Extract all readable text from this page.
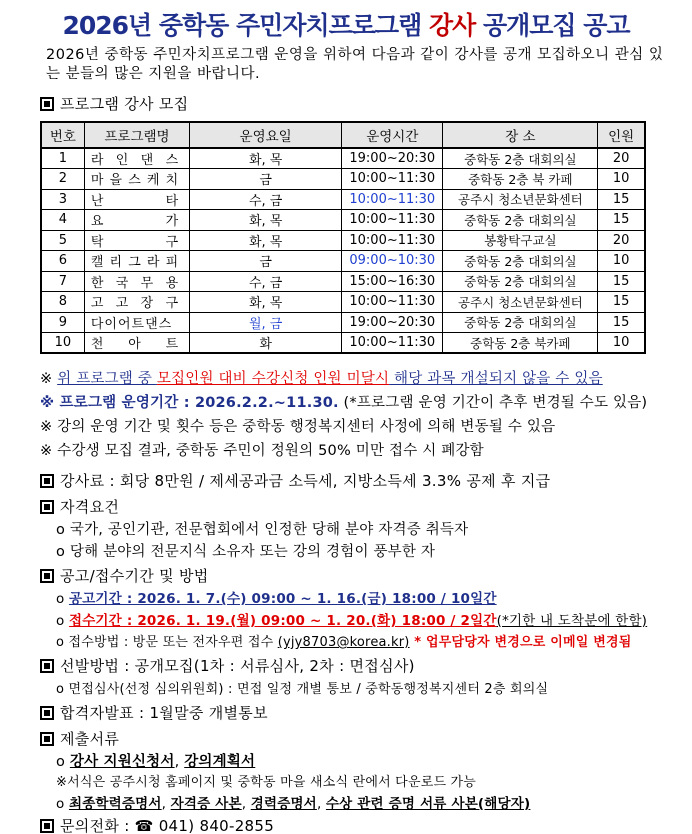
2026년 중학동 주민자치프로그램 강사 공개모집 공고
2026년 중학동 주민자치프로그램 운영을 위하여 다음과 같이 강사를 공개 모집하오니 관심 있는 분들의 많은 지원을 바랍니다.
프로그램 강사 모집
번호	프로그램명	운영요일	운영시간	장 소	인원
1	라 인 댄 스	화, 목	19:00~20:30	중학동 2층 대회의실	20
2	마 을 스 케 치	금	10:00~11:30	중학동 2층 북 카페	10
3	난 타	수, 금	10:00~11:30	공주시 청소년문화센터	15
4	요 가	화, 목	10:00~11:30	중학동 2층 대회의실	15
5	탁 구	화, 목	10:00~11:30	봉황탁구교실	20
6	캘 리 그 라 피	금	09:00~10:30	중학동 2층 대회의실	10
7	한 국 무 용	수, 금	15:00~16:30	중학동 2층 대회의실	15
8	고 고 장 구	화, 목	10:00~11:30	공주시 청소년문화센터	15
9	다이어트댄스	월, 금	19:00~20:30	중학동 2층 대회의실	15
10	천 아 트	화	10:00~11:30	중학동 2층 북카페	10
※ 위 프로그램 중 모집인원 대비 수강신청 인원 미달시 해당 과목 개설되지 않을 수 있음
※ 프로그램 운영기간 : 2026.2.2.~11.30. (*프로그램 운영 기간이 추후 변경될 수도 있음)
※ 강의 운영 기간 및 횟수 등은 중학동 행정복지센터 사정에 의해 변동될 수 있음
※ 수강생 모집 결과, 중학동 주민이 정원의 50% 미만 접수 시 폐강함
강사료 : 회당 8만원 / 제세공과금 소득세, 지방소득세 3.3% 공제 후 지급
자격요건
o 국가, 공인기관, 전문협회에서 인정한 당해 분야 자격증 취득자
o 당해 분야의 전문지식 소유자 또는 강의 경험이 풍부한 자
공고/접수기간 및 방법
o 공고기간 : 2026. 1. 7.(수) 09:00 ~ 1. 16.(금) 18:00 / 10일간
o 접수기간 : 2026. 1. 19.(월) 09:00 ~ 1. 20.(화) 18:00 / 2일간(*기한 내 도착분에 한함)
o 접수방법 : 방문 또는 전자우편 접수 (yjy8703@korea.kr) * 업무담당자 변경으로 이메일 변경됨
선발방법 : 공개모집(1차 : 서류심사, 2차 : 면접심사)
o 면접심사(선정 심의위원회) : 면접 일정 개별 통보 / 중학동행정복지센터 2층 회의실
합격자발표 : 1월말중 개별통보
제출서류
o 강사 지원신청서, 강의계획서
※서식은 공주시청 홈페이지 및 중학동 마을 새소식 란에서 다운로드 가능
o 최종학력증명서, 자격증 사본, 경력증명서, 수상 관련 증명 서류 사본(해당자)
문의전화 : ☎ 041) 840-2855
